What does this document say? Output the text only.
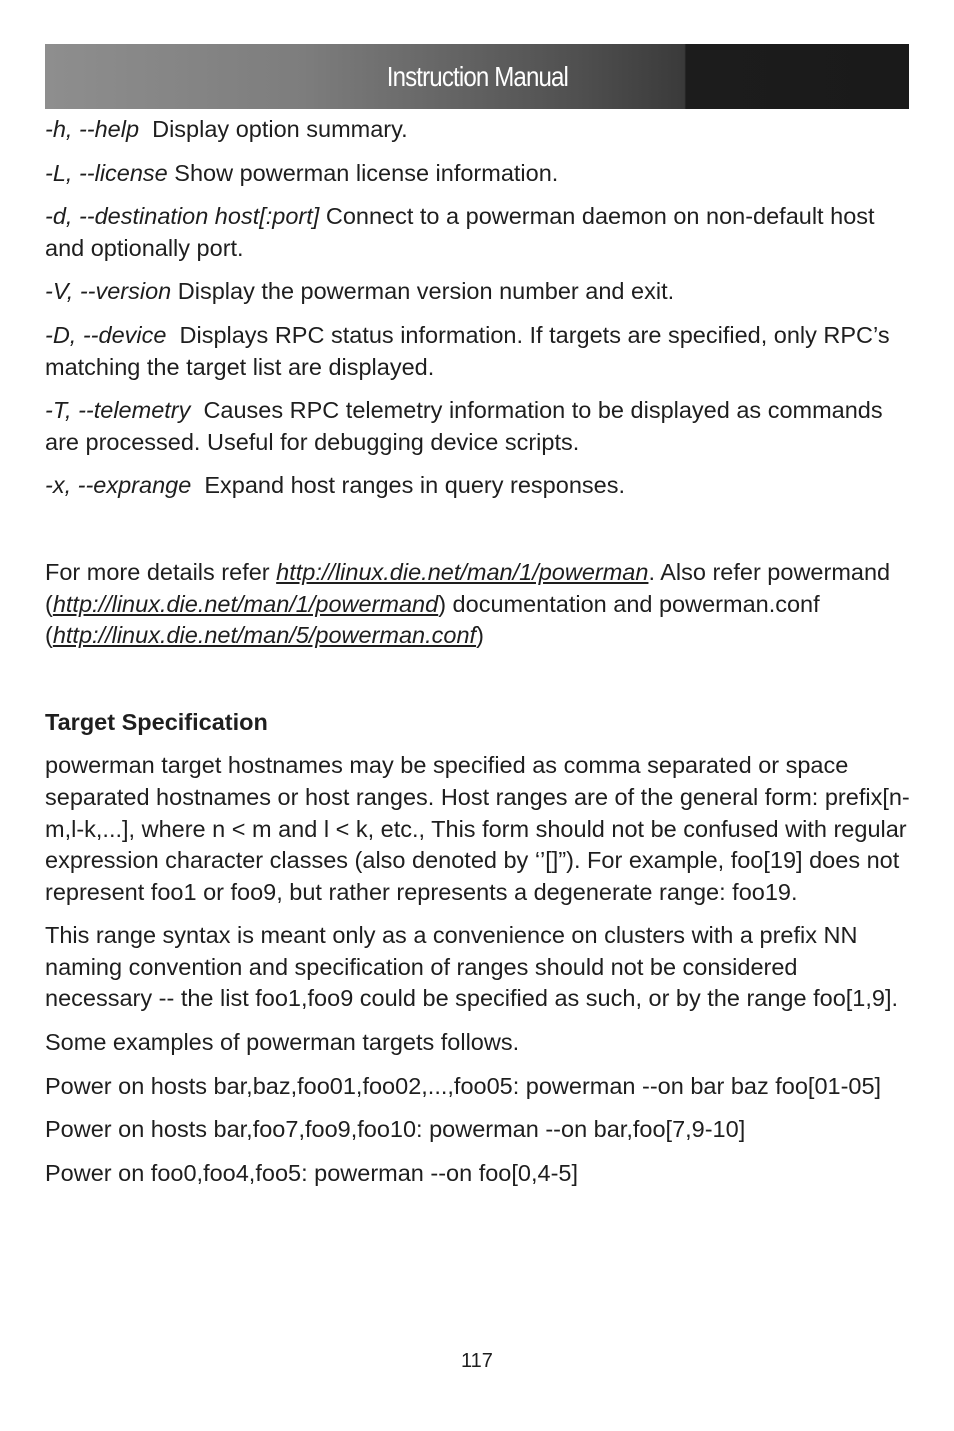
Instruction Manual

-h, --help Display option summary.

-L, --license Show powerman license information.

-d, --destination host[:port] Connect to a powerman daemon on non-default host and optionally port.

-V, --version Display the powerman version number and exit.

-D, --device Displays RPC status information. If targets are specified, only RPC’s matching the target list are displayed.

-T, --telemetry Causes RPC telemetry information to be displayed as commands are processed. Useful for debugging device scripts.

-x, --exprange Expand host ranges in query responses.

For more details refer http://linux.die.net/man/1/powerman. Also refer powermand (http://linux.die.net/man/1/powermand) documentation and powerman.conf (http://linux.die.net/man/5/powerman.conf)

Target Specification

powerman target hostnames may be specified as comma separated or space separated hostnames or host ranges. Host ranges are of the general form: prefix[n-m,l-k,...], where n < m and l < k, etc., This form should not be confused with regular expression character classes (also denoted by ‘’[]”). For example, foo[19] does not represent foo1 or foo9, but rather represents a degenerate range: foo19.

This range syntax is meant only as a convenience on clusters with a prefix NN naming convention and specification of ranges should not be considered necessary -- the list foo1,foo9 could be specified as such, or by the range foo[1,9].

Some examples of powerman targets follows.

Power on hosts bar,baz,foo01,foo02,...,foo05: powerman --on bar baz foo[01-05]

Power on hosts bar,foo7,foo9,foo10: powerman --on bar,foo[7,9-10]

Power on foo0,foo4,foo5: powerman --on foo[0,4-5]

117
